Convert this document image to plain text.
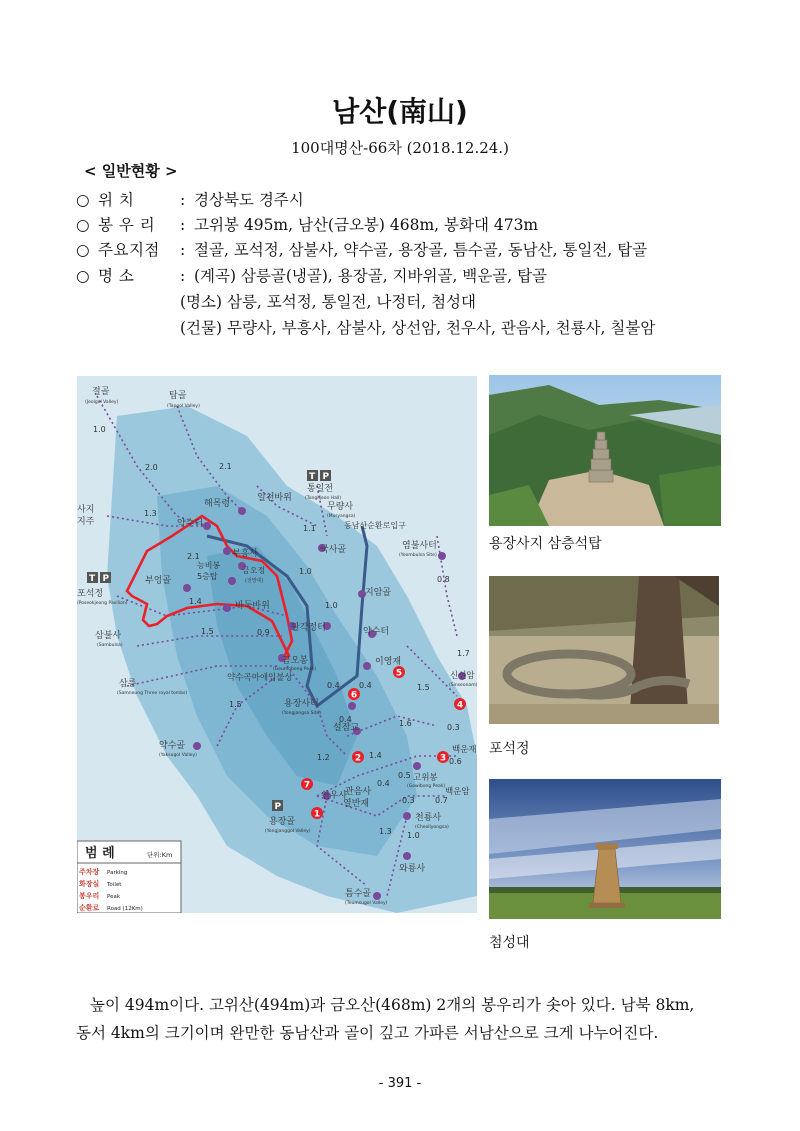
남산(南山)
100대명산-66차 (2018.12.24.)
< 일반현황 >
○ 위 치	: 경상북도 경주시
○ 봉 우 리 : 고위봉 495m, 남산(금오봉) 468m, 봉화대 473m
○ 주요지점 : 절골, 포석정, 삼불사, 약수골, 용장골, 틈수골, 동남산, 통일전, 탑골
○ 명 소	: (계곡) 삼릉골(냉골), 용장골, 지바위골, 백운골, 탑골
(명소) 삼릉, 포석정, 통일전, 나정터, 첨성대
(건물) 무량사, 부흥사, 삼불사, 상선암, 천우사, 관음사, 천룡사, 칠불암
1
2	3
4
5
6
7
T P
T P
P
절골
(Jeolgol Valley)
탑골
(Tapgol Valley)
통일전
(Tongiljeon Hall)
무량사
(Muryangsa)
동남산순환로입구
해목령
일천바위
약수터
사지
지주
부흥사
능비봉
5층탑
금오정
(전망대)
국사골	염불사터
(Yeombulsa Site)
부엉골
포석정
(Poseokjeong Pavilion)	바둑바위
지암골
삼불사
(Sambulsa)
팔각정터	약수터
금오봉
(Geumobong Peak)
이영재
삼릉
(Samneung Three royal tombs)
약수곡마애입불상	신선암
(Sinseonam)
용장사터
(Yongjangsa Site)
설잠교
약수골
(Yaksugol Valley)
백운재
고위봉
(Gowibong Peak)
관음사
천우사
열반재
백운암
용장골
(Yongjanggol Valley)
천룡사
(Cheollyongsa)
와룡사
틈수골
(Teumsugol Valley)
1.0
2.0	2.1
1.3
1.1
2.1
1.0
0.8
1.4	1.0
1.5	0.9
1.7
0.4 0.4	1.5
1.5
0.4	1.6	0.3
1.2	1.4
0.5
0.6
0.4
0.3	0.7
1.3 1.0
범 례	단위:Km
주차장
화장실
봉우리
순환로
Parking
Toilet
Peak
Road (12Km)
용장사지 삼층석탑
포석정
첨성대
높이 494m이다. 고위산(494m)과 금오산(468m) 2개의 봉우리가 솟아 있다. 남북 8km,
동서 4km의 크기이며 완만한 동남산과 골이 깊고 가파른 서남산으로 크게 나누어진다.
- 391 -
